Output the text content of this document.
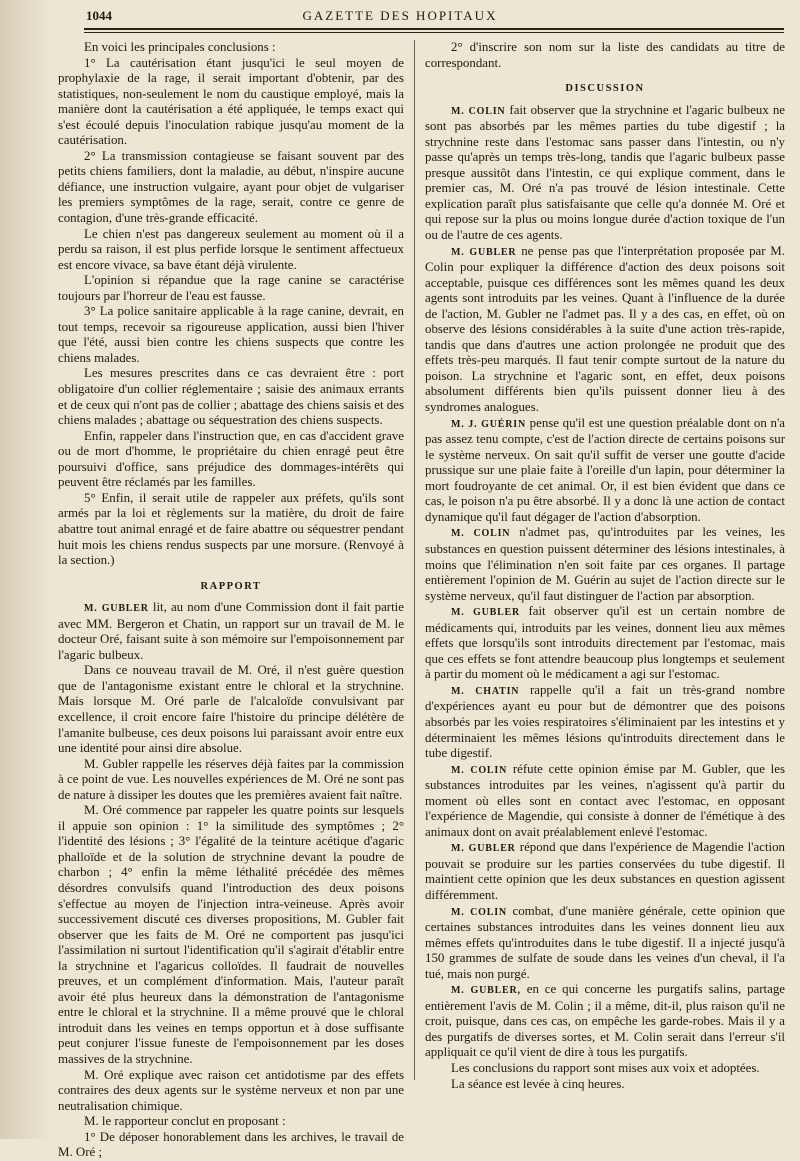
1044	GAZETTE DES HOPITAUX

En voici les principales conclusions :

1° La cautérisation étant jusqu'ici le seul moyen de prophylaxie de la rage, il serait important d'obtenir, par des statistiques, non-seulement le nom du caustique employé, mais la manière dont la cautérisation a été appliquée, le temps exact qui s'est écoulé depuis l'inoculation rabique jusqu'au moment de la cautérisation.

2° La transmission contagieuse se faisant souvent par des petits chiens familiers, dont la maladie, au début, n'inspire aucune défiance, une instruction vulgaire, ayant pour objet de vulgariser les premiers symptômes de la rage, serait, contre ce genre de contagion, d'une très-grande efficacité.

Le chien n'est pas dangereux seulement au moment où il a perdu sa raison, il est plus perfide lorsque le sentiment affectueux est encore vivace, sa bave étant déjà virulente.

L'opinion si répandue que la rage canine se caractérise toujours par l'horreur de l'eau est fausse.

3° La police sanitaire applicable à la rage canine, devrait, en tout temps, recevoir sa rigoureuse application, aussi bien l'hiver que l'été, aussi bien contre les chiens suspects que contre les chiens malades.

Les mesures prescrites dans ce cas devraient être : port obligatoire d'un collier réglementaire ; saisie des animaux errants et de ceux qui n'ont pas de collier ; abattage des chiens saisis et des chiens malades ; abattage ou séquestration des chiens suspects.

Enfin, rappeler dans l'instruction que, en cas d'accident grave ou de mort d'homme, le propriétaire du chien enragé peut être poursuivi d'office, sans préjudice des dommages-intérêts qui peuvent être réclamés par les familles.

5° Enfin, il serait utile de rappeler aux préfets, qu'ils sont armés par la loi et règlements sur la matière, du droit de faire abattre tout animal enragé et de faire abattre ou séquestrer pendant huit mois les chiens rendus suspects par une morsure. (Renvoyé à la section.)

RAPPORT

M. GUBLER lit, au nom d'une Commission dont il fait partie avec MM. Bergeron et Chatin, un rapport sur un travail de M. le docteur Oré, faisant suite à son mémoire sur l'empoisonnement par l'agaric bulbeux.

Dans ce nouveau travail de M. Oré, il n'est guère question que de l'antagonisme existant entre le chloral et la strychnine. Mais lorsque M. Oré parle de l'alcaloïde convulsivant par excellence, il croit encore faire l'histoire du principe délétère de l'amanite bulbeuse, ces deux poisons lui paraissant avoir entre eux une identité pour ainsi dire absolue.

M. Gubler rappelle les réserves déjà faites par la commission à ce point de vue. Les nouvelles expériences de M. Oré ne sont pas de nature à dissiper les doutes que les premières avaient fait naître.

M. Oré commence par rappeler les quatre points sur lesquels il appuie son opinion : 1° la similitude des symptômes ; 2° l'identité des lésions ; 3° l'égalité de la teinture acétique d'agaric phalloïde et de la solution de strychnine devant la poudre de charbon ; 4° enfin la même léthalité précédée des mêmes désordres convulsifs quand l'introduction des deux poisons s'effectue au moyen de l'injection intra-veineuse. Après avoir successivement discuté ces diverses propositions, M. Gubler fait observer que les faits de M. Oré ne comportent pas jusqu'ici l'assimilation ni surtout l'identification qu'il s'agirait d'établir entre la strychnine et l'agaricus colloïdes. Il faudrait de nouvelles preuves, et un complément d'information. Mais, l'auteur paraît avoir été plus heureux dans la démonstration de l'antagonisme entre le chloral et la strychnine. Il a même prouvé que le chloral introduit dans les veines en temps opportun et à dose suffisante peut conjurer l'issue funeste de l'empoisonnement par les doses massives de la strychnine.

M. Oré explique avec raison cet antidotisme par des effets contraires des deux agents sur le système nerveux et non par une neutralisation chimique.

M. le rapporteur conclut en proposant :

1° De déposer honorablement dans les archives, le travail de M. Oré ;

2° d'inscrire son nom sur la liste des candidats au titre de correspondant.

DISCUSSION

M. COLIN fait observer que la strychnine et l'agaric bulbeux ne sont pas absorbés par les mêmes parties du tube digestif ; la strychnine reste dans l'estomac sans passer dans l'intestin, ou n'y passe qu'après un temps très-long, tandis que l'agaric bulbeux passe presque aussitôt dans l'intestin, ce qui explique comment, dans le premier cas, M. Oré n'a pas trouvé de lésion intestinale. Cette explication paraît plus satisfaisante que celle qu'a donnée M. Oré et qui repose sur la plus ou moins longue durée d'action toxique de l'un ou de l'autre de ces agents.

M. GUBLER ne pense pas que l'interprétation proposée par M. Colin pour expliquer la différence d'action des deux poisons soit acceptable, puisque ces différences sont les mêmes quand les deux agents sont introduits par les veines. Quant à l'influence de la durée de l'action, M. Gubler ne l'admet pas. Il y a des cas, en effet, où on observe des lésions considérables à la suite d'une action très-rapide, tandis que dans d'autres une action prolongée ne produit que des effets très-peu marqués. Il faut tenir compte surtout de la nature du poison. La strychnine et l'agaric sont, en effet, deux poisons absolument différents bien qu'ils puissent donner lieu à des syndromes analogues.

M. J. GUÉRIN pense qu'il est une question préalable dont on n'a pas assez tenu compte, c'est de l'action directe de certains poisons sur le système nerveux. On sait qu'il suffit de verser une goutte d'acide prussique sur une plaie faite à l'oreille d'un lapin, pour déterminer la mort foudroyante de cet animal. Or, il est bien évident que dans ce cas, le poison n'a pu être absorbé. Il y a donc là une action de contact dynamique qu'il faut dégager de l'action d'absorption.

M. COLIN n'admet pas, qu'introduites par les veines, les substances en question puissent déterminer des lésions intestinales, à moins que l'élimination n'en soit faite par ces organes. Il partage entièrement l'opinion de M. Guérin au sujet de l'action directe sur le système nerveux, qu'il faut distinguer de l'action par absorption.

M. GUBLER fait observer qu'il est un certain nombre de médicaments qui, introduits par les veines, donnent lieu aux mêmes effets que lorsqu'ils sont introduits directement par l'estomac, mais que ces effets se font attendre beaucoup plus longtemps et seulement à partir du moment où le médicament a agi sur l'estomac.

M. CHATIN rappelle qu'il a fait un très-grand nombre d'expériences ayant eu pour but de démontrer que des poisons absorbés par les voies respiratoires s'éliminaient par les intestins et y déterminaient les mêmes lésions qu'introduits directement dans le tube digestif.

M. COLIN réfute cette opinion émise par M. Gubler, que les substances introduites par les veines, n'agissent qu'à partir du moment où elles sont en contact avec l'estomac, en opposant l'expérience de Magendie, qui consiste à donner de l'émétique à des animaux dont on avait préalablement enlevé l'estomac.

M. GUBLER répond que dans l'expérience de Magendie l'action pouvait se produire sur les parties conservées du tube digestif. Il maintient cette opinion que les deux substances en question agissent différemment.

M. COLIN combat, d'une manière générale, cette opinion que certaines substances introduites dans les veines donnent lieu aux mêmes effets qu'introduites dans le tube digestif. Il a injecté jusqu'à 150 grammes de sulfate de soude dans les veines d'un cheval, il l'a tué, mais non purgé.

M. GUBLER, en ce qui concerne les purgatifs salins, partage entièrement l'avis de M. Colin ; il a même, dit-il, plus raison qu'il ne croit, puisque, dans ces cas, on empêche les garde-robes. Mais il y a des purgatifs de diverses sortes, et M. Colin serait dans l'erreur s'il appliquait ce qu'il vient de dire à tous les purgatifs.

Les conclusions du rapport sont mises aux voix et adoptées.

La séance est levée à cinq heures.
